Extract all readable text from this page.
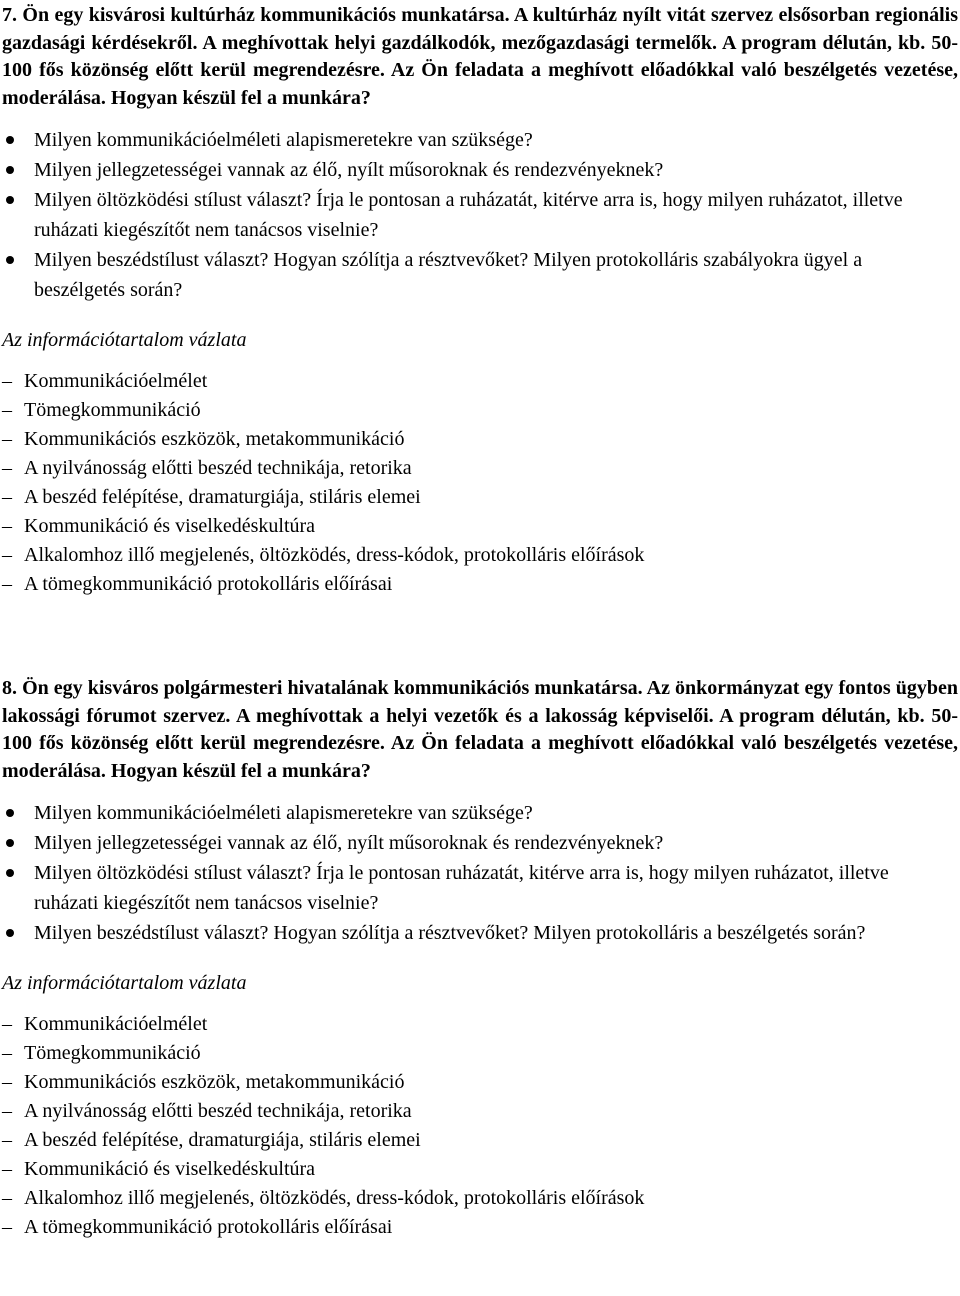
7. Ön egy kisvárosi kultúrház kommunikációs munkatársa. A kultúrház nyílt vitát szervez elsősorban regionális gazdasági kérdésekről. A meghívottak helyi gazdálkodók, mezőgazdasági termelők. A program délután, kb. 50-100 fős közönség előtt kerül megrendezésre. Az Ön feladata a meghívott előadókkal való beszélgetés vezetése, moderálása. Hogyan készül fel a munkára?

Milyen kommunikációelméleti alapismeretekre van szüksége?
Milyen jellegzetességei vannak az élő, nyílt műsoroknak és rendezvényeknek?
Milyen öltözködési stílust választ? Írja le pontosan a ruházatát, kitérve arra is, hogy milyen ruházatot, illetve ruházati kiegészítőt nem tanácsos viselnie?
Milyen beszédstílust választ? Hogyan szólítja a résztvevőket? Milyen protokolláris szabályokra ügyel a beszélgetés során?
Az információtartalom vázlata
– Kommunikációelmélet
– Tömegkommunikáció
– Kommunikációs eszközök, metakommunikáció
– A nyilvánosság előtti beszéd technikája, retorika
– A beszéd felépítése, dramaturgiája, stiláris elemei
– Kommunikáció és viselkedéskultúra
– Alkalomhoz illő megjelenés, öltözködés, dress-kódok, protokolláris előírások
– A tömegkommunikáció protokolláris előírásai

8. Ön egy kisváros polgármesteri hivatalának kommunikációs munkatársa. Az önkormányzat egy fontos ügyben lakossági fórumot szervez. A meghívottak a helyi vezetők és a lakosság képviselői. A program délután, kb. 50-100 fős közönség előtt kerül megrendezésre. Az Ön feladata a meghívott előadókkal való beszélgetés vezetése, moderálása. Hogyan készül fel a munkára?

Milyen kommunikációelméleti alapismeretekre van szüksége?
Milyen jellegzetességei vannak az élő, nyílt műsoroknak és rendezvényeknek?
Milyen öltözködési stílust választ? Írja le pontosan ruházatát, kitérve arra is, hogy milyen ruházatot, illetve ruházati kiegészítőt nem tanácsos viselnie?
Milyen beszédstílust választ? Hogyan szólítja a résztvevőket? Milyen protokolláris a beszélgetés során?
Az információtartalom vázlata
– Kommunikációelmélet
– Tömegkommunikáció
– Kommunikációs eszközök, metakommunikáció
– A nyilvánosság előtti beszéd technikája, retorika
– A beszéd felépítése, dramaturgiája, stiláris elemei
– Kommunikáció és viselkedéskultúra
– Alkalomhoz illő megjelenés, öltözködés, dress-kódok, protokolláris előírások
– A tömegkommunikáció protokolláris előírásai
